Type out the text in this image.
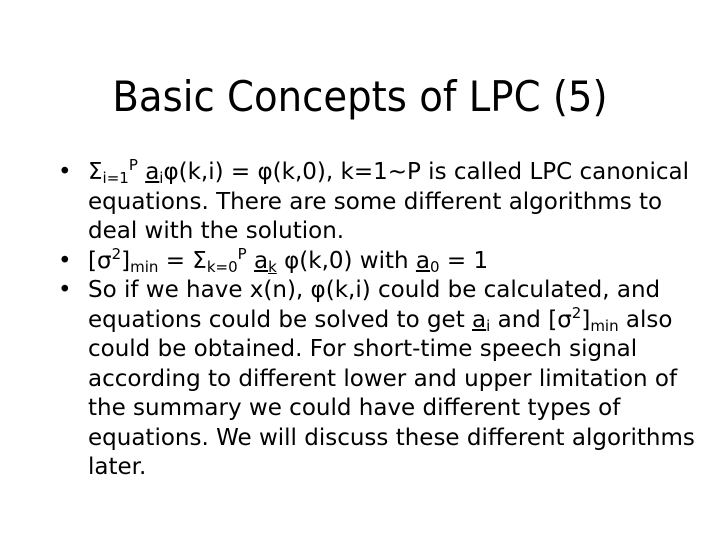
Basic Concepts of LPC (5)
• $\Sigma_{i=1}^P$ $a_i\varphi(k,i) = \varphi(k,0)$, k=1~P is called LPC canonical equations. There are some different algorithms to deal with the solution.
• $[\sigma^2]_{min} = \Sigma_{k=0}^P$ $a_k$ φ(k,0) with $a_0 = 1$
• So if we have x(n), φ(k,i) could be calculated, and equations could be solved to get $a_i$ and $[\sigma^2]_{min}$ also could be obtained. For short-time speech signal according to different lower and upper limitation of the summary we could have different types of equations. We will discuss these different algorithms later.
